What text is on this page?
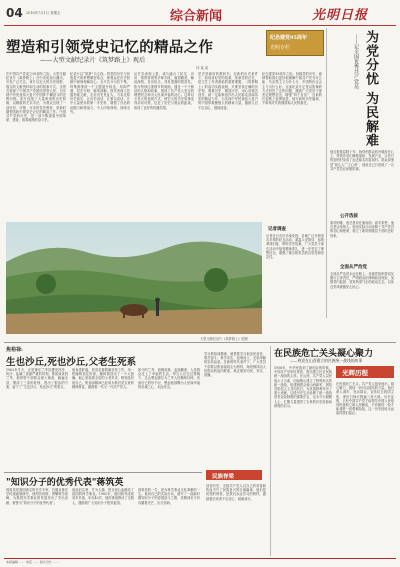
04 2016年7月1日 星期五	综合新闻	光明日报
塑造和引领党史记忆的精品之作
——大型文献纪录片《筑梦路上》观后
闫 某 某
纪念建党95周年
光明专栏
在中国共产党成立95周年之际，大型文献纪录片《筑梦路上》在中央电视台播出，引发广泛关注。该片以宏大的历史视野、翔实的文献资料和生动的叙事方式，全景式展现了中国共产党团结带领人民，为实现中华民族伟大复兴中国梦不懈奋斗的光辉历程。影片选取了大量珍贵的历史影像，以精湛的艺术手法，为观众呈现了一部可信、可敬、可亲的党史教材，是新时期塑造和引领党史记忆的精品之作。中国共产党的历史，是一部不断探索中国革命、建设、改革道路的奋斗史。
纪录片以“筑梦”为主线，将党的历史与民族复兴的梦想紧密结合，使观众在历史回顾中深刻理解初心。全片共分为若干集，每集都围绕一个主题展开叙述，结构严谨、层次分明、脉络清晰。创作者深入挖掘档案文献，走访历史见证人，力求还原历史真实，让历史说话、让事实说话。片中大量使用的第一手史料，增强了作品的说服力和感染力，令人印象深刻，回味无穷。
从艺术表现上看，该片融合了纪实、访谈、情景再现等多种手段，画面精美，解说深刻，音乐恰当，具有很强的观赏性。影片特别注重细节的刻画，通过一个个鲜活的人物和故事，展现了共产党人坚定的理想信念和为人民谋幸福的初心。这种以小见大的表现方式，使宏大的历史叙事变得亲切可感，拉近了历史与观众的距离，取得了良好的传播效果。
党史是最好的教科书。在新的历史条件下，如何讲好党的故事，传承党的记忆，是文艺工作者面临的重要课题。《筑梦路上》的成功实践表明，只要坚持正确的历史观，尊重历史、敬畏历史，用心用情去创作，就一定能够创作出人民群众喜闻乐见的精品力作，为实现中华民族伟大复兴的中国梦凝聚强大的精神力量，激励人们不忘初心、继续前进。
纪念建党95周年之际，回顾党的历史，能够帮助我们更好地理解中国共产党为什么能、马克思主义为什么行、中国特色社会主义为什么好。这部纪录片正是以影像的方式回答了这些问题，激励广大党员干部坚定理想信念，增强“四个自信”，在新的长征路上奋勇前进，续写新的历史篇章，不辜负时代的期望和人民的重托。
大型文献纪录片《筑梦路上》剧照
为党分忧 为民解难
——记全国优秀共产党员
他扎根基层数十年，始终把群众的冷暖放在心上，带领乡亲们修路架桥、发展产业，让昔日的贫困村变成了远近闻名的富裕村。群众说他是“贴心人”“主心骨”，他说自己只是做了一名共产党员应该做的事。
公开选拔
面对困难，他总是冲在最前面；面对荣誉，他总是让给别人。他用实际行动诠释了共产党员的初心和使命，树立了新时期基层干部的良好形象。
全面从严治党
全面从严治党永远在路上。各级党组织要切实履行主体责任，严明政治纪律和政治规矩，加强党内监督，营造风清气正的政治生态，以优良党风凝聚党心民心。
记者调查
记者近日走访多地发现，各地广泛开展形式多样的纪念活动，重温入党誓词、参观革命旧址、聆听党史故事，广大党员干部在活动中接受精神洗礼，进一步坚定了理想信念，增强了做合格党员的自觉性和坚定性。
焦裕禄:
生也沙丘,死也沙丘,父老生死系
1962年冬天，正是豫东兰考县遭受内涝、风沙、盐碱三害最严重的时刻。焦裕禄来到兰考，他带领干部群众深入调查，跑遍全县，摸清了三害的底细，提出了根治的方案，留下了“生也沙丘，死也沙丘”的誓言。
他身患肝癌，依旧忍着剧痛坚持工作，用一把藤椅顶住肝部，藤椅被顶出了一个大窟窿。他心里装着全县的父老乡亲，唯独没有他自己。焦裕禄精神已经成为我们党宝贵的精神财富，激励着一代又一代共产党人。
如今的兰考，泡桐成林，麦浪翻滚，人民群众过上了幸福的生活。每当人们走过焦桐下，总会想起那位为兰考人民鞠躬尽瘁、死而后已的好书记，想起他那颗为人民谋幸福的赤诚之心，永远怀念。
学习焦裕禄精神，就是要学习他亲民爱民、艰苦奋斗、科学求实、迎难而上、无私奉献的崇高品质。在新的时代条件下，广大党员干部要以焦裕禄同志为榜样，始终保持同人民群众的血肉联系，真正做到为民、务实、清廉。
民族脊梁
在民族危亡关头凝心聚力
——致党在山西建立的民族统一战线的故事
1936年，中华民族到了最危险的时候。中国共产党审时度势，提出建立抗日民族统一战线的主张。在山西，共产党人以民族大义为重，同阎锡山建立了特殊形式的统一战线，组建牺盟会和山西新军，团结各阶层人士共同抗日，为抗战胜利作出了重大贡献。这段历史生动诠释了统一战线是党克敌制胜的重要法宝，也为今天凝聚人心、汇聚力量提供了宝贵的历史经验和深刻的启示。
光辉历程
在民族危亡关头，共产党人挺身而出，凝心聚力，团结一切可以团结的力量。他们深入城乡，发动群众，宣传抗日救国主张，使抗日烽火燃遍三晋大地。历史证明，只有中国共产党才能领导中国人民取得民族独立和人民解放，只有团结一致才能战胜一切艰难险阻，这一历史经验永远值得我们铭记。
"知识分子的优秀代表"蒋筑英
蒋筑英是我国著名的光学专家，长期从事光学传递函数研究。他刻苦钻研，勇攀科学高峰，为我国光学事业的发展作出了突出贡献，被誉为“知识分子的优秀代表”。
他淡泊名利、甘为人梯，把全部心血献给了祖国的科学事业。1982年，他因积劳成疾英年早逝，年仅43岁。他的事迹感动了无数人，激励着广大知识分子报效祖国。
蒋筑英的一生，是为科学事业无私奉献的一生。他用自己的实际行动，谱写了一曲新时期知识分子的爱国奋斗之歌，其精神至今仍闪耀着光芒，历久弥新。
回望历史，无数共产党人以自己的青春和热血书写了民族复兴的壮丽篇章。他们是民族的脊梁，是我们永远学习的榜样，激励着后来者不忘初心、砥砺前行。
本版编辑 …… 电话 …… 版式设计 ……
